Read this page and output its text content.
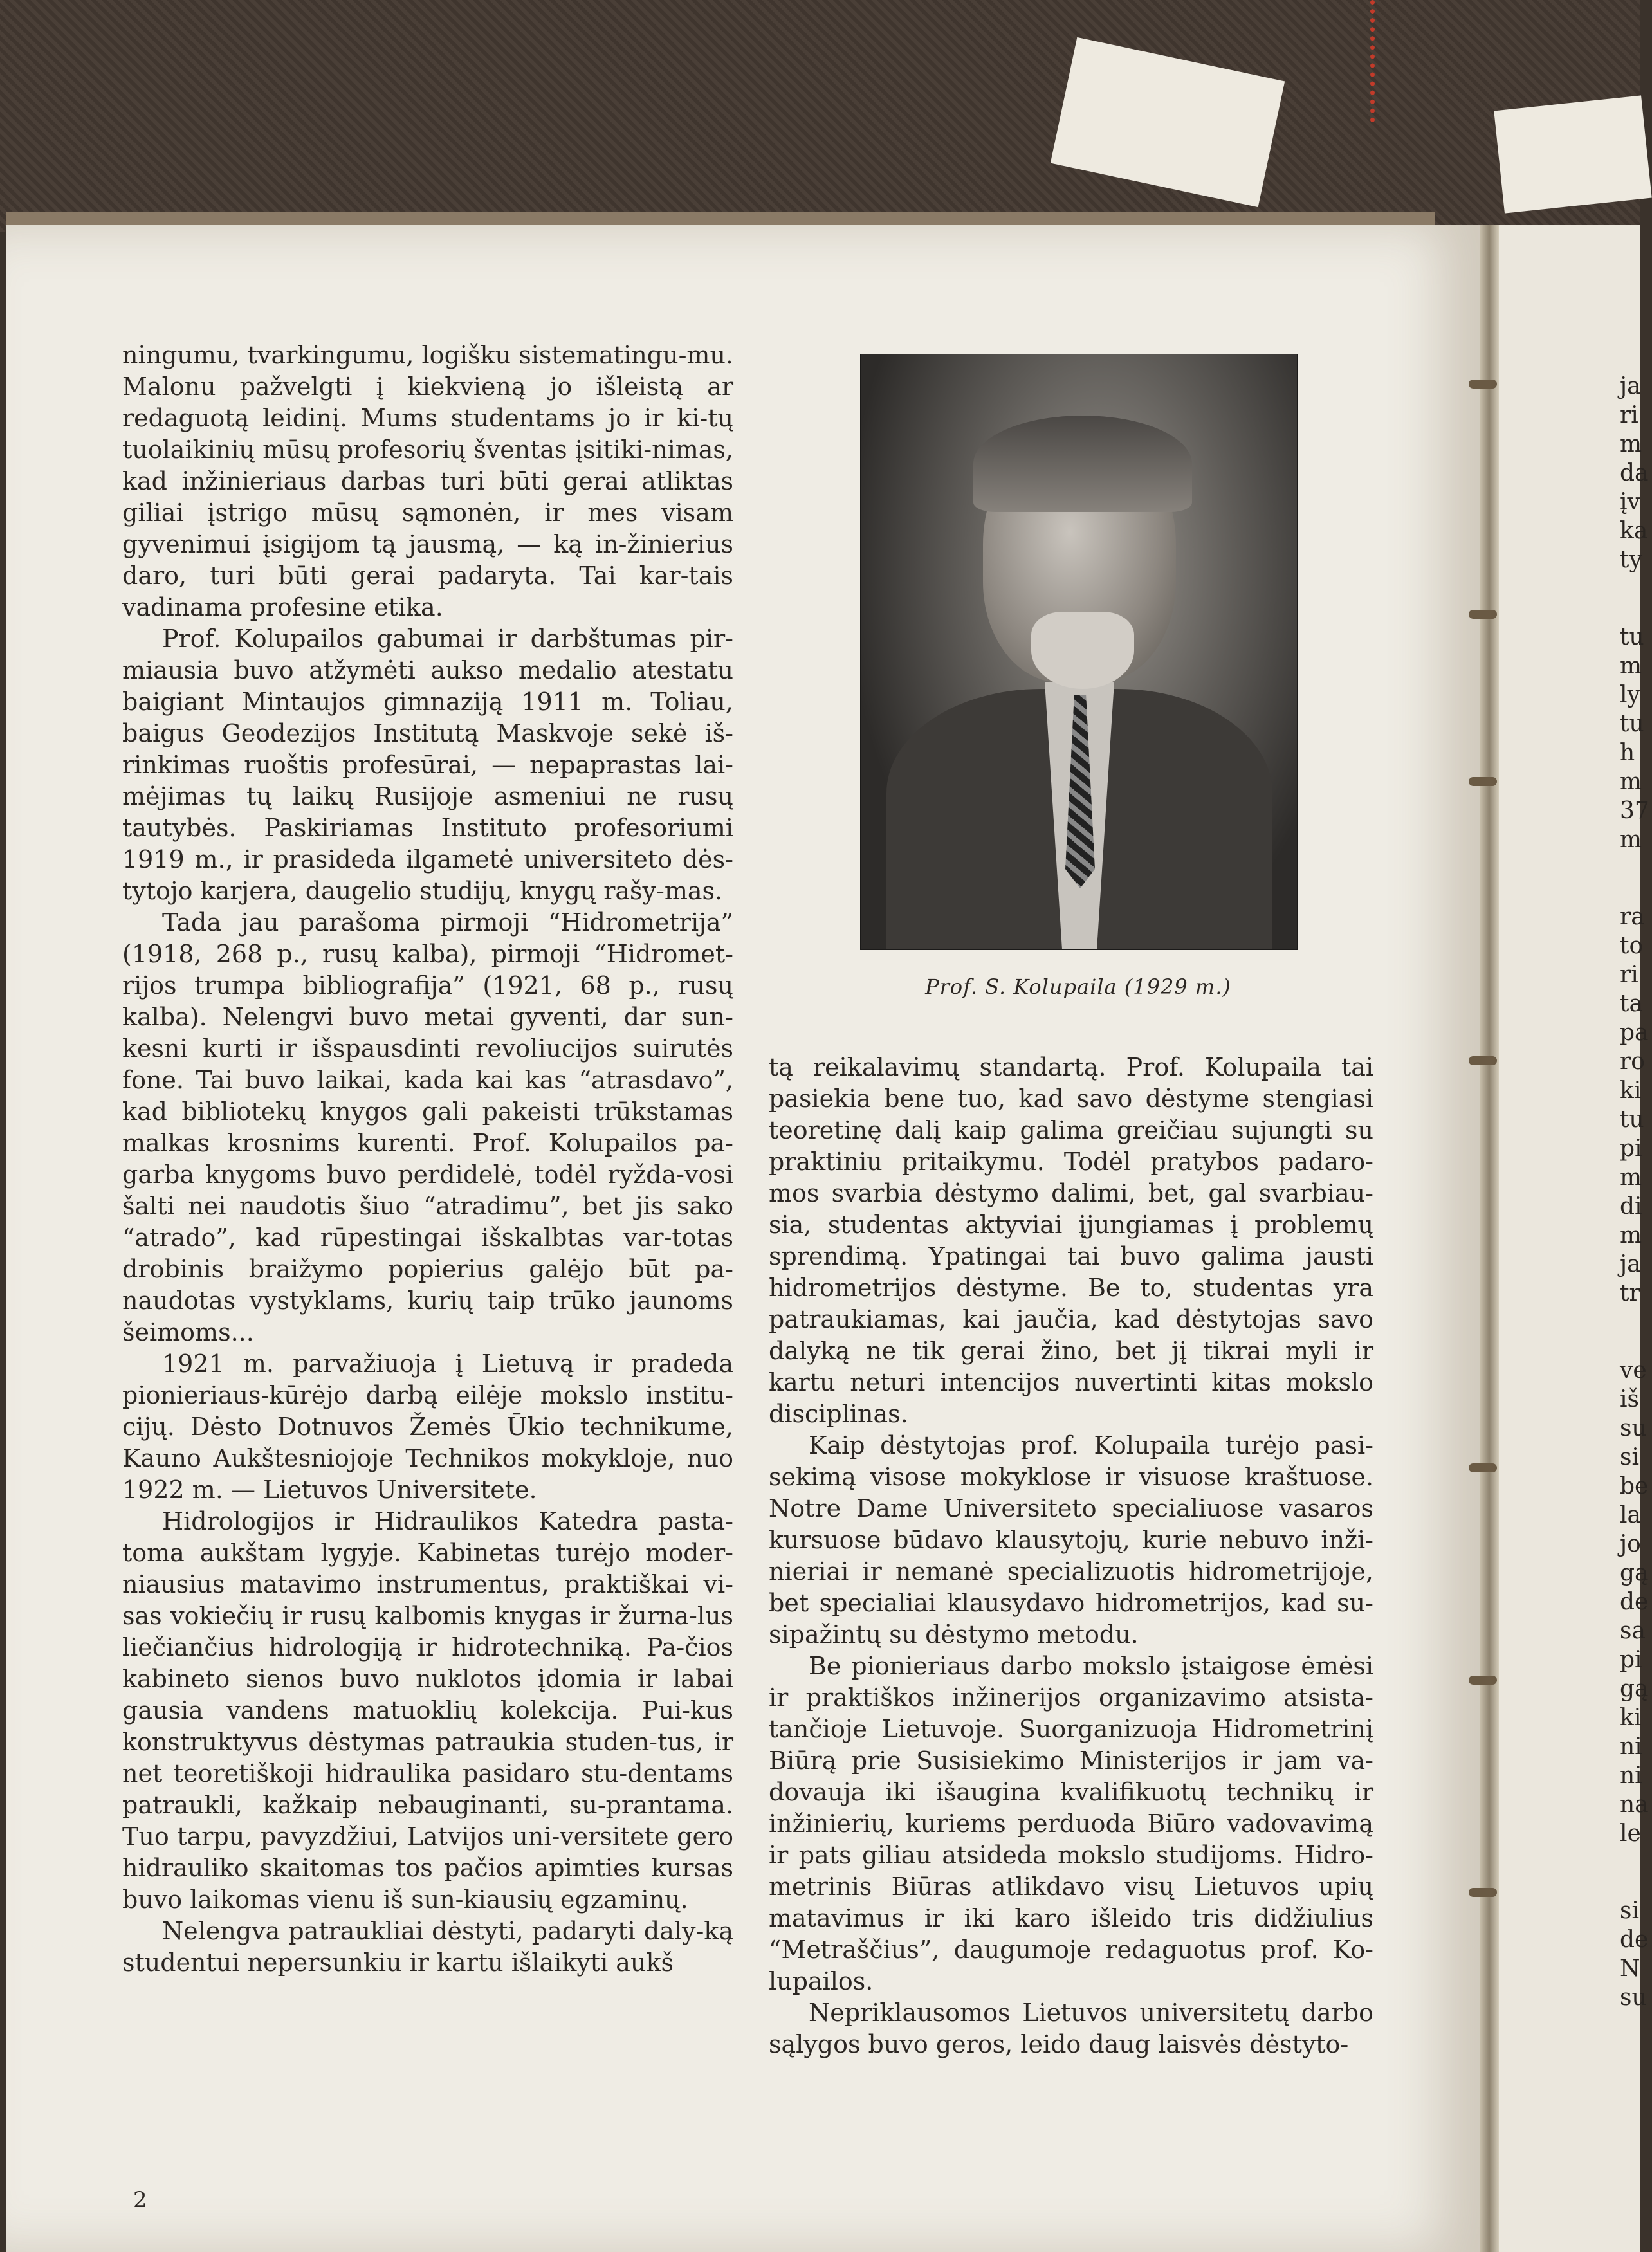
ja
ri
m
da
įv
ka
ty
tu
m
ly
tu
h
m
37
m
ra
to
ri
ta
pa
ro
ki
tu
pi
m
di
m
ja
tr
ve
iš
su
si
be
la
jo
gą
de
sa
pi
gą
ki
ni
ni
na
le
si
de
N
su

ningumu, tvarkingumu, logišku sistematingu-mu. Malonu pažvelgti į kiekvieną jo išleistą ar redaguotą leidinį. Mums studentams jo ir ki-tų tuolaikinių mūsų profesorių šventas įsitiki-nimas, kad inžinieriaus darbas turi būti gerai atliktas giliai įstrigo mūsų sąmonėn, ir mes visam gyvenimui įsigijom tą jausmą, — ką in-žinierius daro, turi būti gerai padaryta. Tai kar-tais vadinama profesine etika.

Prof. Kolupailos gabumai ir darbštumas pir-miausia buvo atžymėti aukso medalio atestatu baigiant Mintaujos gimnaziją 1911 m. Toliau, baigus Geodezijos Institutą Maskvoje sekė iš-rinkimas ruoštis profesūrai, — nepaprastas lai-mėjimas tų laikų Rusijoje asmeniui ne rusų tautybės. Paskiriamas Instituto profesoriumi 1919 m., ir prasideda ilgametė universiteto dės-tytojo karjera, daugelio studijų, knygų rašy-mas.

Tada jau parašoma pirmoji “Hidrometrija” (1918, 268 p., rusų kalba), pirmoji “Hidromet-rijos trumpa bibliografija” (1921, 68 p., rusų kalba). Nelengvi buvo metai gyventi, dar sun-kesni kurti ir išspausdinti revoliucijos suirutės fone. Tai buvo laikai, kada kai kas “atrasdavo”, kad bibliotekų knygos gali pakeisti trūkstamas malkas krosnims kurenti. Prof. Kolupailos pa-garba knygoms buvo perdidelė, todėl ryžda-vosi šalti nei naudotis šiuo “atradimu”, bet jis sako “atrado”, kad rūpestingai išskalbtas var-totas drobinis braižymo popierius galėjo būt pa-naudotas vystyklams, kurių taip trūko jaunoms šeimoms...

1921 m. parvažiuoja į Lietuvą ir pradeda pionieriaus-kūrėjo darbą eilėje mokslo institu-cijų. Dėsto Dotnuvos Žemės Ūkio technikume, Kauno Aukštesniojoje Technikos mokykloje, nuo 1922 m. — Lietuvos Universitete.

Hidrologijos ir Hidraulikos Katedra pasta-toma aukštam lygyje. Kabinetas turėjo moder-niausius matavimo instrumentus, praktiškai vi-sas vokiečių ir rusų kalbomis knygas ir žurna-lus liečiančius hidrologiją ir hidrotechniką. Pa-čios kabineto sienos buvo nuklotos įdomia ir labai gausia vandens matuoklių kolekcija. Pui-kus konstruktyvus dėstymas patraukia studen-tus, ir net teoretiškoji hidraulika pasidaro stu-dentams patraukli, kažkaip nebauginanti, su-prantama. Tuo tarpu, pavyzdžiui, Latvijos uni-versitete gero hidrauliko skaitomas tos pačios apimties kursas buvo laikomas vienu iš sun-kiausių egzaminų.

Nelengva patraukliai dėstyti, padaryti daly-ką studentui nepersunkiu ir kartu išlaikyti aukš

Prof. S. Kolupaila (1929 m.)

tą reikalavimų standartą. Prof. Kolupaila tai pasiekia bene tuo, kad savo dėstyme stengiasi teoretinę dalį kaip galima greičiau sujungti su praktiniu pritaikymu. Todėl pratybos padaro-mos svarbia dėstymo dalimi, bet, gal svarbiau-sia, studentas aktyviai įjungiamas į problemų sprendimą. Ypatingai tai buvo galima jausti hidrometrijos dėstyme. Be to, studentas yra patraukiamas, kai jaučia, kad dėstytojas savo dalyką ne tik gerai žino, bet jį tikrai myli ir kartu neturi intencijos nuvertinti kitas mokslo disciplinas.

Kaip dėstytojas prof. Kolupaila turėjo pasi-sekimą visose mokyklose ir visuose kraštuose. Notre Dame Universiteto specialiuose vasaros kursuose būdavo klausytojų, kurie nebuvo inži-nieriai ir nemanė specializuotis hidrometrijoje, bet specialiai klausydavo hidrometrijos, kad su-sipažintų su dėstymo metodu.

Be pionieriaus darbo mokslo įstaigose ėmėsi ir praktiškos inžinerijos organizavimo atsista-tančioje Lietuvoje. Suorganizuoja Hidrometrinį Biūrą prie Susisiekimo Ministerijos ir jam va-dovauja iki išaugina kvalifikuotų technikų ir inžinierių, kuriems perduoda Biūro vadovavimą ir pats giliau atsideda mokslo studijoms. Hidro-metrinis Biūras atlikdavo visų Lietuvos upių matavimus ir iki karo išleido tris didžiulius “Metraščius”, daugumoje redaguotus prof. Ko-lupailos.

Nepriklausomos Lietuvos universitetų darbo sąlygos buvo geros, leido daug laisvės dėstyto-

2
